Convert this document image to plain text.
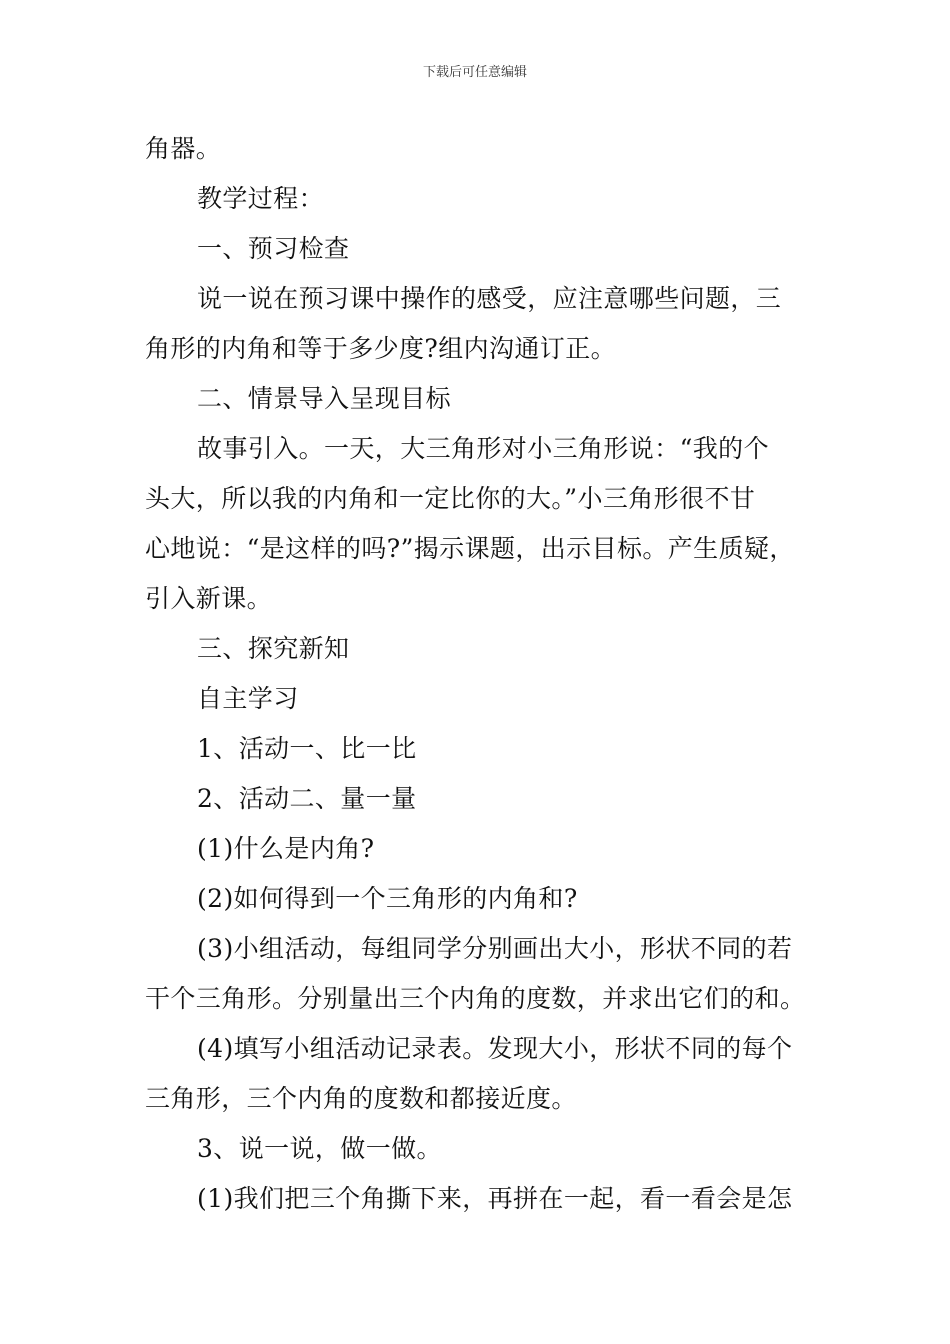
下载后可任意编辑
角器。
教学过程：
一、预习检查
说一说在预习课中操作的感受，应注意哪些问题，三
角形的内角和等于多少度?组内沟通订正。
二、情景导入呈现目标
故事引入。一天，大三角形对小三角形说：“我的个
头大，所以我的内角和一定比你的大。”小三角形很不甘
心地说：“是这样的吗?”揭示课题，出示目标。产生质疑，
引入新课。
三、探究新知
自主学习
1、活动一、比一比
2、活动二、量一量
(1)什么是内角?
(2)如何得到一个三角形的内角和?
(3)小组活动，每组同学分别画出大小，形状不同的若
干个三角形。分别量出三个内角的度数，并求出它们的和。
(4)填写小组活动记录表。发现大小，形状不同的每个
三角形，三个内角的度数和都接近度。
3、说一说，做一做。
(1)我们把三个角撕下来，再拼在一起，看一看会是怎
